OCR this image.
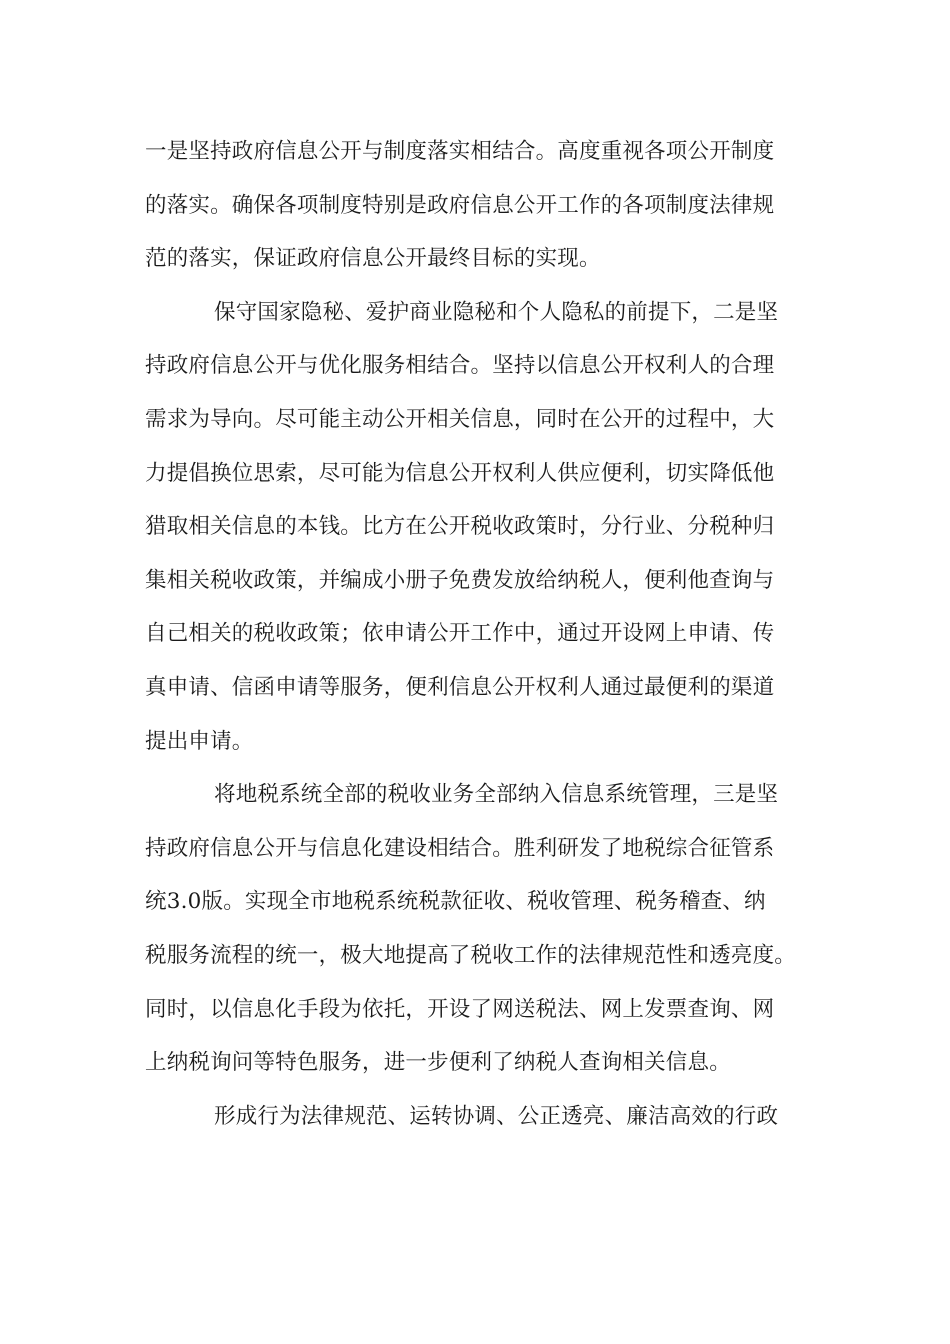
一是坚持政府信息公开与制度落实相结合。高度重视各项公开制度
的落实。确保各项制度特别是政府信息公开工作的各项制度法律规
范的落实，保证政府信息公开最终目标的实现。
保守国家隐秘、爱护商业隐秘和个人隐私的前提下，二是坚
持政府信息公开与优化服务相结合。坚持以信息公开权利人的合理
需求为导向。尽可能主动公开相关信息，同时在公开的过程中，大
力提倡换位思索，尽可能为信息公开权利人供应便利，切实降低他
猎取相关信息的本钱。比方在公开税收政策时，分行业、分税种归
集相关税收政策，并编成小册子免费发放给纳税人，便利他查询与
自己相关的税收政策；依申请公开工作中，通过开设网上申请、传
真申请、信函申请等服务，便利信息公开权利人通过最便利的渠道
提出申请。
将地税系统全部的税收业务全部纳入信息系统管理，三是坚
持政府信息公开与信息化建设相结合。胜利研发了地税综合征管系
统3.0版。实现全市地税系统税款征收、税收管理、税务稽查、纳
税服务流程的统一，极大地提高了税收工作的法律规范性和透亮度。
同时，以信息化手段为依托，开设了网送税法、网上发票查询、网
上纳税询问等特色服务，进一步便利了纳税人查询相关信息。
形成行为法律规范、运转协调、公正透亮、廉洁高效的行政
